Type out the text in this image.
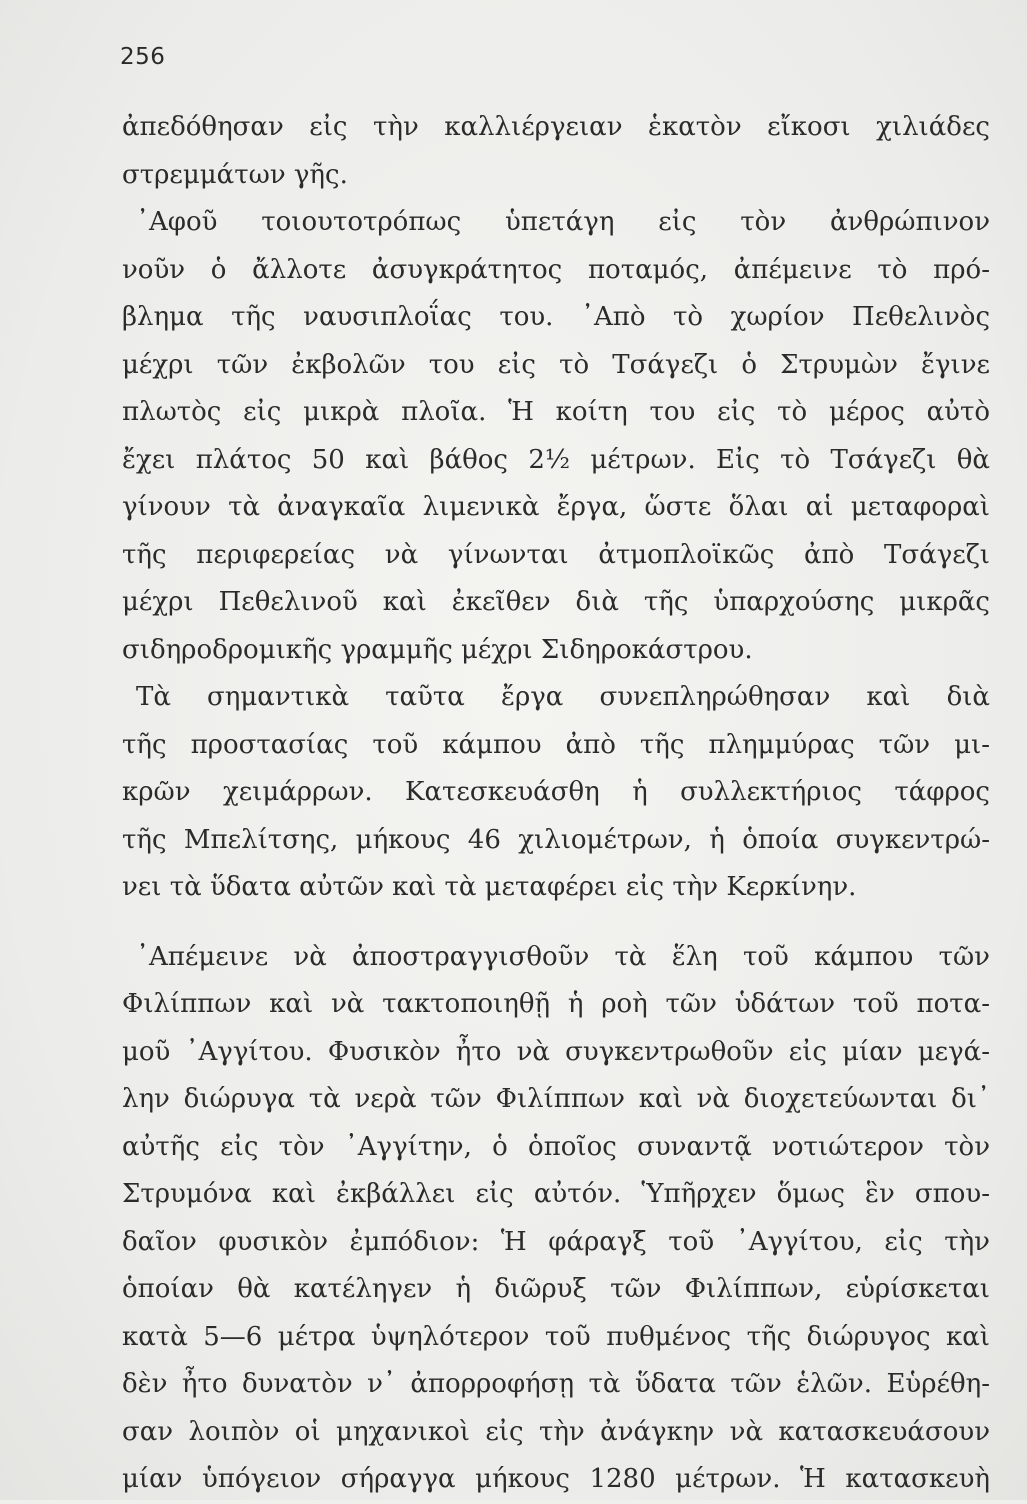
256
ἀπεδόθησαν εἰς τὴν καλλιέργειαν ἑκατὸν εἴκοσι χιλιάδες
στρεμμάτων γῆς.
᾽Αφοῦ τοιουτοτρόπως ὑπετάγη εἰς τὸν ἀνθρώπινον
νοῦν ὁ ἄλλοτε ἀσυγκράτητος ποταμός, ἀπέμεινε τὸ πρό-
βλημα τῆς ναυσιπλοΐας του. ᾽Απὸ τὸ χωρίον Πεθελινὸς
μέχρι τῶν ἐκβολῶν του εἰς τὸ Τσάγεζι ὁ Στρυμὼν ἔγινε
πλωτὸς εἰς μικρὰ πλοῖα. Ἡ κοίτη του εἰς τὸ μέρος αὐτὸ
ἔχει πλάτος 50 καὶ βάθος 2½ μέτρων. Εἰς τὸ Τσάγεζι θὰ
γίνουν τὰ ἀναγκαῖα λιμενικὰ ἔργα, ὥστε ὅλαι αἱ μεταφοραὶ
τῆς περιφερείας νὰ γίνωνται ἀτμοπλοϊκῶς ἀπὸ Τσάγεζι
μέχρι Πεθελινοῦ καὶ ἐκεῖθεν διὰ τῆς ὑπαρχούσης μικρᾶς
σιδηροδρομικῆς γραμμῆς μέχρι Σιδηροκάστρου.
Τὰ σημαντικὰ ταῦτα ἔργα συνεπληρώθησαν καὶ διὰ
τῆς προστασίας τοῦ κάμπου ἀπὸ τῆς πλημμύρας τῶν μι-
κρῶν χειμάρρων. Κατεσκευάσθη ἡ συλλεκτήριος τάφρος
τῆς Μπελίτσης, μήκους 46 χιλιομέτρων, ἡ ὁποία συγκεντρώ-
νει τὰ ὕδατα αὐτῶν καὶ τὰ μεταφέρει εἰς τὴν Κερκίνην.
᾽Απέμεινε νὰ ἀποστραγγισθοῦν τὰ ἕλη τοῦ κάμπου τῶν
Φιλίππων καὶ νὰ τακτοποιηθῇ ἡ ροὴ τῶν ὑδάτων τοῦ ποτα-
μοῦ ᾽Αγγίτου. Φυσικὸν ἦτο νὰ συγκεντρωθοῦν εἰς μίαν μεγά-
λην διώρυγα τὰ νερὰ τῶν Φιλίππων καὶ νὰ διοχετεύωνται δι᾽
αὐτῆς εἰς τὸν ᾽Αγγίτην, ὁ ὁποῖος συναντᾷ νοτιώτερον τὸν
Στρυμόνα καὶ ἐκβάλλει εἰς αὐτόν. Ὑπῆρχεν ὅμως ἓν σπου-
δαῖον φυσικὸν ἐμπόδιον: Ἡ φάραγξ τοῦ ᾽Αγγίτου, εἰς τὴν
ὁποίαν θὰ κατέληγεν ἡ διῶρυξ τῶν Φιλίππων, εὑρίσκεται
κατὰ 5—6 μέτρα ὑψηλότερον τοῦ πυθμένος τῆς διώρυγος καὶ
δὲν ἦτο δυνατὸν ν᾽ ἀπορροφήσῃ τὰ ὕδατα τῶν ἑλῶν. Εὑρέθη-
σαν λοιπὸν οἱ μηχανικοὶ εἰς τὴν ἀνάγκην νὰ κατασκευάσουν
μίαν ὑπόγειον σήραγγα μήκους 1280 μέτρων. Ἡ κατασκευὴ
